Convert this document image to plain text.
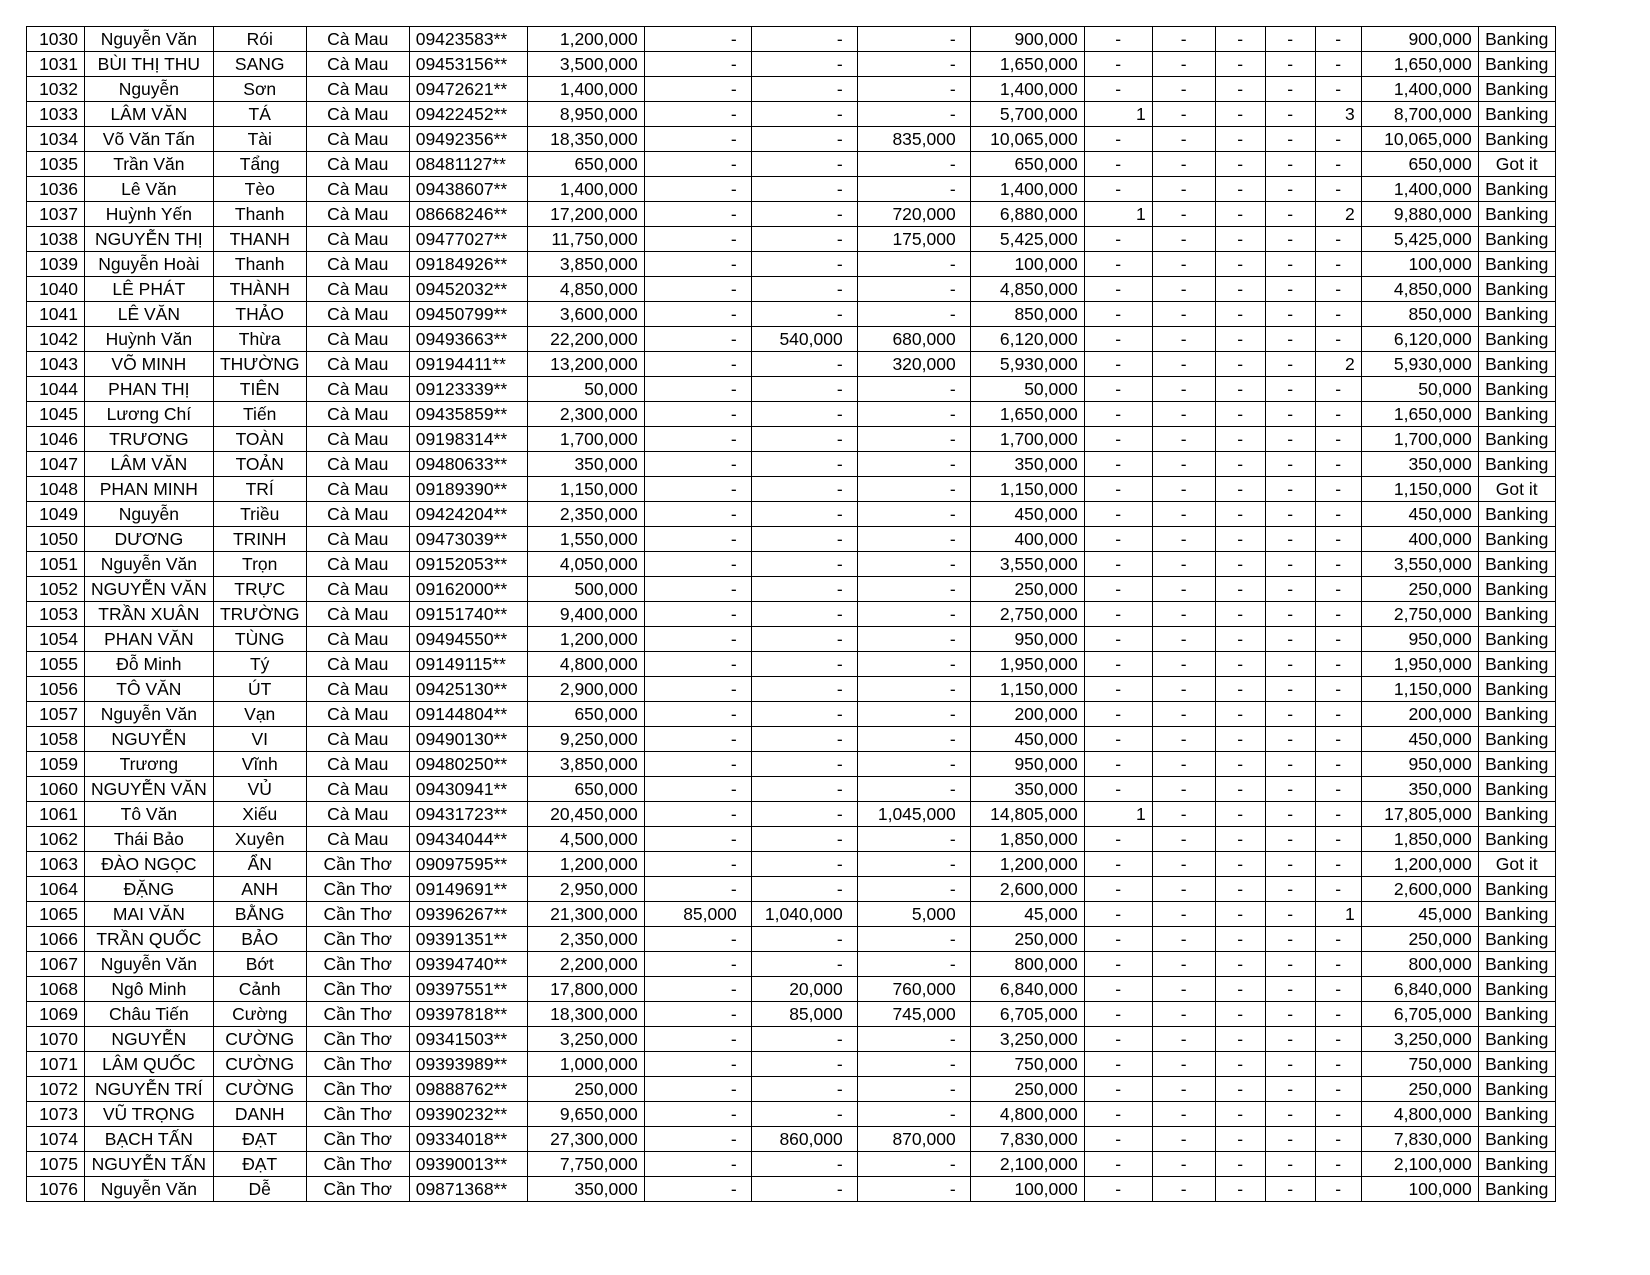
1030	Nguyễn Văn	Rói	Cà Mau	09423583**	1,200,000	-	-	-	900,000	-	-	-	-	-	900,000	Banking
1031	BÙI THỊ THU	SANG	Cà Mau	09453156**	3,500,000	-	-	-	1,650,000	-	-	-	-	-	1,650,000	Banking
1032	Nguyễn	Sơn	Cà Mau	09472621**	1,400,000	-	-	-	1,400,000	-	-	-	-	-	1,400,000	Banking
1033	LÂM VĂN	TÁ	Cà Mau	09422452**	8,950,000	-	-	-	5,700,000	1	-	-	-	3	8,700,000	Banking
1034	Võ Văn Tấn	Tài	Cà Mau	09492356**	18,350,000	-	-	835,000	10,065,000	-	-	-	-	-	10,065,000	Banking
1035	Trần Văn	Tẩng	Cà Mau	08481127**	650,000	-	-	-	650,000	-	-	-	-	-	650,000	Got it
1036	Lê Văn	Tèo	Cà Mau	09438607**	1,400,000	-	-	-	1,400,000	-	-	-	-	-	1,400,000	Banking
1037	Huỳnh Yến	Thanh	Cà Mau	08668246**	17,200,000	-	-	720,000	6,880,000	1	-	-	-	2	9,880,000	Banking
1038	NGUYỄN THỊ	THANH	Cà Mau	09477027**	11,750,000	-	-	175,000	5,425,000	-	-	-	-	-	5,425,000	Banking
1039	Nguyễn Hoài	Thanh	Cà Mau	09184926**	3,850,000	-	-	-	100,000	-	-	-	-	-	100,000	Banking
1040	LÊ PHÁT	THÀNH	Cà Mau	09452032**	4,850,000	-	-	-	4,850,000	-	-	-	-	-	4,850,000	Banking
1041	LÊ VĂN	THẢO	Cà Mau	09450799**	3,600,000	-	-	-	850,000	-	-	-	-	-	850,000	Banking
1042	Huỳnh Văn	Thừa	Cà Mau	09493663**	22,200,000	-	540,000	680,000	6,120,000	-	-	-	-	-	6,120,000	Banking
1043	VÕ MINH	THƯỜNG	Cà Mau	09194411**	13,200,000	-	-	320,000	5,930,000	-	-	-	-	2	5,930,000	Banking
1044	PHAN THỊ	TIÊN	Cà Mau	09123339**	50,000	-	-	-	50,000	-	-	-	-	-	50,000	Banking
1045	Lương Chí	Tiến	Cà Mau	09435859**	2,300,000	-	-	-	1,650,000	-	-	-	-	-	1,650,000	Banking
1046	TRƯƠNG	TOÀN	Cà Mau	09198314**	1,700,000	-	-	-	1,700,000	-	-	-	-	-	1,700,000	Banking
1047	LÂM VĂN	TOẢN	Cà Mau	09480633**	350,000	-	-	-	350,000	-	-	-	-	-	350,000	Banking
1048	PHAN MINH	TRÍ	Cà Mau	09189390**	1,150,000	-	-	-	1,150,000	-	-	-	-	-	1,150,000	Got it
1049	Nguyễn	Triều	Cà Mau	09424204**	2,350,000	-	-	-	450,000	-	-	-	-	-	450,000	Banking
1050	DƯƠNG	TRINH	Cà Mau	09473039**	1,550,000	-	-	-	400,000	-	-	-	-	-	400,000	Banking
1051	Nguyễn Văn	Trọn	Cà Mau	09152053**	4,050,000	-	-	-	3,550,000	-	-	-	-	-	3,550,000	Banking
1052	NGUYỄN VĂN	TRỰC	Cà Mau	09162000**	500,000	-	-	-	250,000	-	-	-	-	-	250,000	Banking
1053	TRẦN XUÂN	TRƯỜNG	Cà Mau	09151740**	9,400,000	-	-	-	2,750,000	-	-	-	-	-	2,750,000	Banking
1054	PHAN VĂN	TÙNG	Cà Mau	09494550**	1,200,000	-	-	-	950,000	-	-	-	-	-	950,000	Banking
1055	Đỗ Minh	Tý	Cà Mau	09149115**	4,800,000	-	-	-	1,950,000	-	-	-	-	-	1,950,000	Banking
1056	TÔ VĂN	ÚT	Cà Mau	09425130**	2,900,000	-	-	-	1,150,000	-	-	-	-	-	1,150,000	Banking
1057	Nguyễn Văn	Vạn	Cà Mau	09144804**	650,000	-	-	-	200,000	-	-	-	-	-	200,000	Banking
1058	NGUYỄN	VI	Cà Mau	09490130**	9,250,000	-	-	-	450,000	-	-	-	-	-	450,000	Banking
1059	Trương	Vĩnh	Cà Mau	09480250**	3,850,000	-	-	-	950,000	-	-	-	-	-	950,000	Banking
1060	NGUYỄN VĂN	VỦ	Cà Mau	09430941**	650,000	-	-	-	350,000	-	-	-	-	-	350,000	Banking
1061	Tô Văn	Xiếu	Cà Mau	09431723**	20,450,000	-	-	1,045,000	14,805,000	1	-	-	-	-	17,805,000	Banking
1062	Thái Bảo	Xuyên	Cà Mau	09434044**	4,500,000	-	-	-	1,850,000	-	-	-	-	-	1,850,000	Banking
1063	ĐÀO NGỌC	ẨN	Cần Thơ	09097595**	1,200,000	-	-	-	1,200,000	-	-	-	-	-	1,200,000	Got it
1064	ĐẶNG	ANH	Cần Thơ	09149691**	2,950,000	-	-	-	2,600,000	-	-	-	-	-	2,600,000	Banking
1065	MAI VĂN	BẰNG	Cần Thơ	09396267**	21,300,000	85,000	1,040,000	5,000	45,000	-	-	-	-	1	45,000	Banking
1066	TRẦN QUỐC	BẢO	Cần Thơ	09391351**	2,350,000	-	-	-	250,000	-	-	-	-	-	250,000	Banking
1067	Nguyễn Văn	Bớt	Cần Thơ	09394740**	2,200,000	-	-	-	800,000	-	-	-	-	-	800,000	Banking
1068	Ngô Minh	Cảnh	Cần Thơ	09397551**	17,800,000	-	20,000	760,000	6,840,000	-	-	-	-	-	6,840,000	Banking
1069	Châu Tiến	Cường	Cần Thơ	09397818**	18,300,000	-	85,000	745,000	6,705,000	-	-	-	-	-	6,705,000	Banking
1070	NGUYỄN	CƯỜNG	Cần Thơ	09341503**	3,250,000	-	-	-	3,250,000	-	-	-	-	-	3,250,000	Banking
1071	LÂM QUỐC	CƯỜNG	Cần Thơ	09393989**	1,000,000	-	-	-	750,000	-	-	-	-	-	750,000	Banking
1072	NGUYỄN TRÍ	CƯỜNG	Cần Thơ	09888762**	250,000	-	-	-	250,000	-	-	-	-	-	250,000	Banking
1073	VŨ TRỌNG	DANH	Cần Thơ	09390232**	9,650,000	-	-	-	4,800,000	-	-	-	-	-	4,800,000	Banking
1074	BẠCH TẤN	ĐẠT	Cần Thơ	09334018**	27,300,000	-	860,000	870,000	7,830,000	-	-	-	-	-	7,830,000	Banking
1075	NGUYỄN TẤN	ĐẠT	Cần Thơ	09390013**	7,750,000	-	-	-	2,100,000	-	-	-	-	-	2,100,000	Banking
1076	Nguyễn Văn	Dễ	Cần Thơ	09871368**	350,000	-	-	-	100,000	-	-	-	-	-	100,000	Banking
